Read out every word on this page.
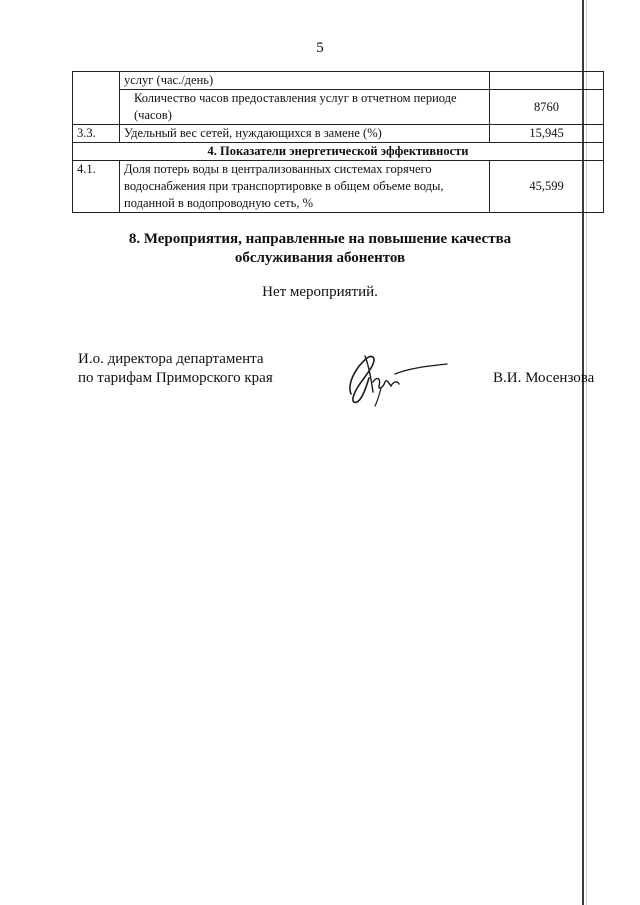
5
	услуг (час./день)	
	Количество часов предоставления услуг в отчетном периоде (часов)	8760
3.3.	Удельный вес сетей, нуждающихся в замене (%)	15,945
4. Показатели энергетической эффективности		
4.1.	Доля потерь воды в централизованных системах горячего водоснабжения при транспортировке в общем объеме воды, поданной в водопроводную сеть, %	45,599
8. Мероприятия, направленные на повышение качества
обслуживания абонентов
Нет мероприятий.
И.о. директора департамента
по тарифам Приморского края	В.И. Мосензова
